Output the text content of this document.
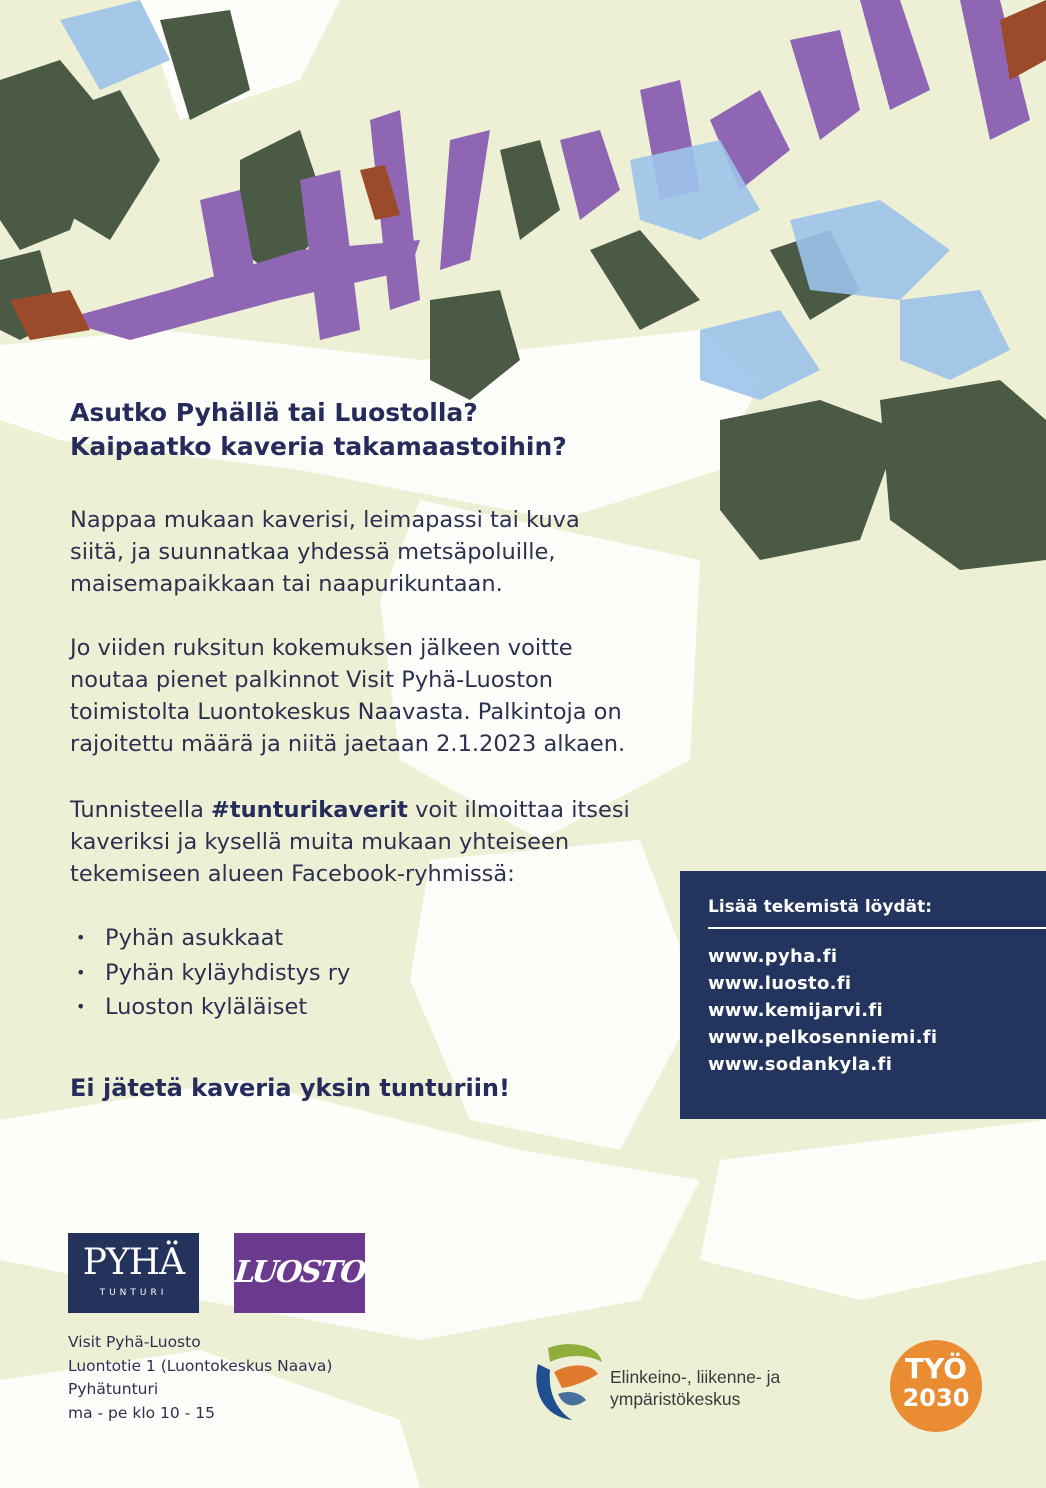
Asutko Pyhällä tai Luostolla?
Kaipaatko kaveria takamaastoihin?

Nappaa mukaan kaverisi, leimapassi tai kuva
siitä, ja suunnatkaa yhdessä metsäpoluille,
maisemapaikkaan tai naapurikuntaan.

Jo viiden ruksitun kokemuksen jälkeen voitte
noutaa pienet palkinnot Visit Pyhä-Luoston
toimistolta Luontokeskus Naavasta. Palkintoja on
rajoitettu määrä ja niitä jaetaan 2.1.2023 alkaen.

Tunnisteella #tunturikaverit voit ilmoittaa itsesi
kaveriksi ja kysellä muita mukaan yhteiseen
tekemiseen alueen Facebook-ryhmissä:

• Pyhän asukkaat
• Pyhän kyläyhdistys ry
• Luoston kyläläiset

Ei jätetä kaveria yksin tunturiin!

Lisää tekemistä löydät:
www.pyha.fi
www.luosto.fi
www.kemijarvi.fi
www.pelkosenniemi.fi
www.sodankyla.fi
PYHÄ
TUNTURI
LUOSTO

Visit Pyhä-Luosto
Luontotie 1 (Luontokeskus Naava)
Pyhätunturi
ma - pe klo 10 - 15

Elinkeino-, liikenne- ja
ympäristökeskus
TYÖ
2030
